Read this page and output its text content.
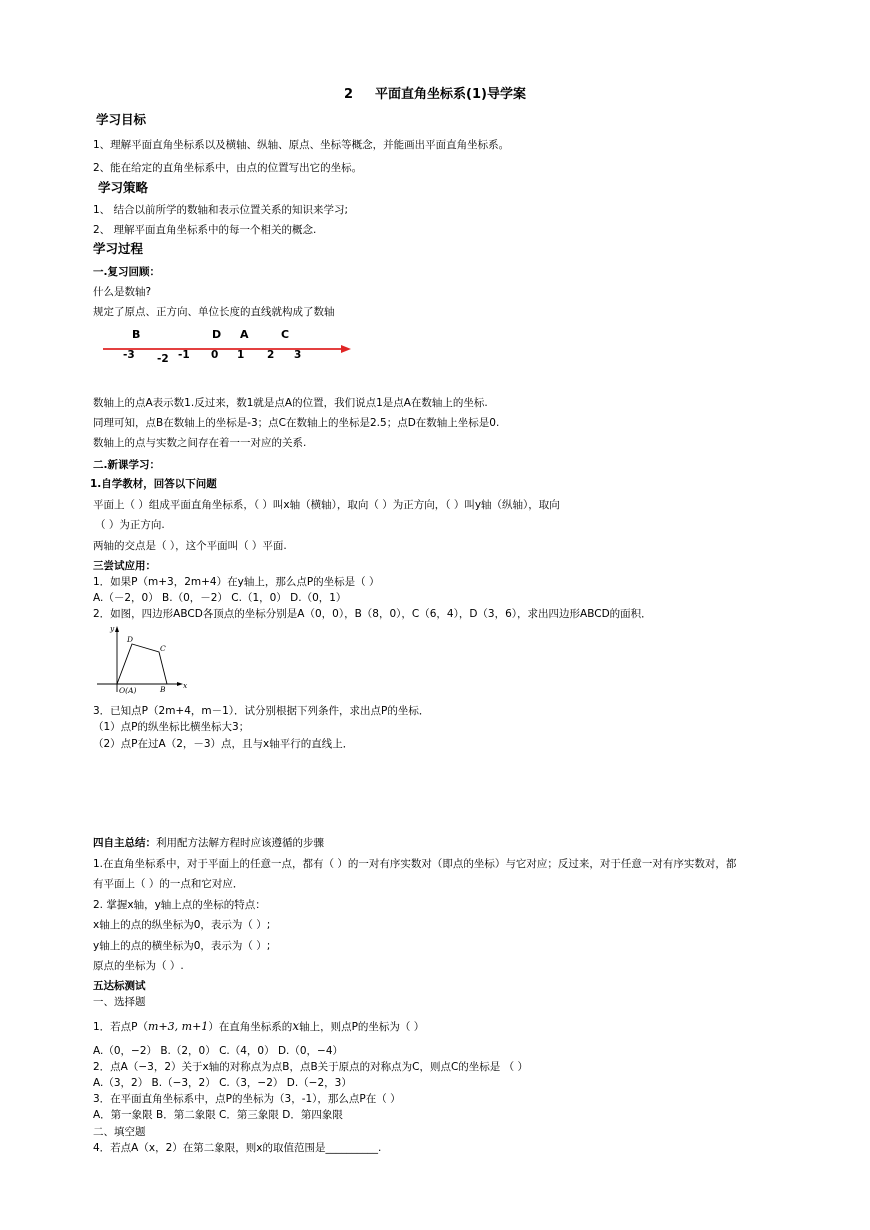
2 平面直角坐标系(1)导学案
学习目标
1、理解平面直角坐标系以及横轴、纵轴、原点、坐标等概念，并能画出平面直角坐标系。
2、能在给定的直角坐标系中，由点的位置写出它的坐标。
学习策略
1、 结合以前所学的数轴和表示位置关系的知识来学习;
2、 理解平面直角坐标系中的每一个相关的概念.
学习过程
一.复习回顾：
什么是数轴?
规定了原点、正方向、单位长度的直线就构成了数轴
B	D A	C
-3 -2 -1 0 1 2 3
数轴上的点A表示数1.反过来，数1就是点A的位置，我们说点1是点A在数轴上的坐标.
同理可知，点B在数轴上的坐标是-3；点C在数轴上的坐标是2.5；点D在数轴上坐标是0.
数轴上的点与实数之间存在着一一对应的关系.
二.新课学习：
1.自学教材，回答以下问题
平面上（ ）组成平面直角坐标系，（ ）叫x轴（横轴），取向（ ）为正方向，（ ）叫y轴（纵轴），取向
（ ）为正方向.
两轴的交点是（ ），这个平面叫（ ）平面.
三尝试应用：
1．如果P（m+3，2m+4）在y轴上，那么点P的坐标是（ ）
A.（－2，0） B.（0，－2） C.（1，0） D.（0，1）
2．如图，四边形ABCD各顶点的坐标分别是A（0，0），B（8，0），C（6，4），D（3，6），求出四边形ABCD的面积．
y
x
D
C
O(A)	B
3．已知点P（2m+4，m－1）．试分别根据下列条件，求出点P的坐标．
（1）点P的纵坐标比横坐标大3；
（2）点P在过A（2，－3）点，且与x轴平行的直线上．
四自主总结：利用配方法解方程时应该遵循的步骤
1.在直角坐标系中，对于平面上的任意一点，都有（ ）的一对有序实数对（即点的坐标）与它对应；反过来，对于任意一对有序实数对，都
有平面上（ ）的一点和它对应．
2. 掌握x轴，y轴上点的坐标的特点：
x轴上的点的纵坐标为0，表示为（ ）;
y轴上的点的横坐标为0，表示为（ ）;
原点的坐标为（ ）.
五达标测试
一、选择题
1．若点P（m+3, m+1）在直角坐标系的x轴上，则点P的坐标为（ ）
A.（0，−2） B.（2，0） C.（4，0） D.（0，−4）
2．点A（−3，2）关于x轴的对称点为点B，点B关于原点的对称点为C，则点C的坐标是 （ ）
A.（3，2） B.（−3，2） C.（3，−2） D.（−2，3）
3．在平面直角坐标系中，点P的坐标为（3，-1），那么点P在（ ）
A．第一象限 B．第二象限 C．第三象限 D．第四象限
二、填空题
4．若点A（x，2）在第二象限，则x的取值范围是__________.
